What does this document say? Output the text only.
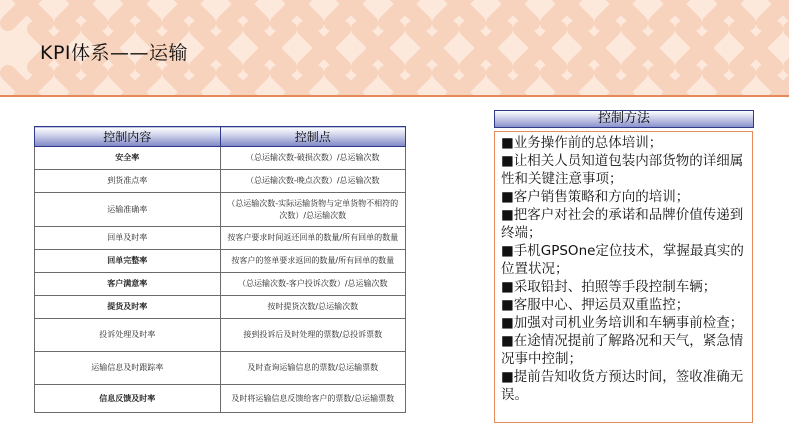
KPI体系——运输
控制内容	控制点
安全率	（总运输次数-破损次数）/总运输次数
到货准点率	（总运输次数-晚点次数）/总运输次数
运输准确率	（总运输次数-实际运输货物与定单货物不相符的次数）/总运输次数
回单及时率	按客户要求时间返还回单的数量/所有回单的数量
回单完整率	按客户的签单要求返回的数量/所有回单的数量
客户满意率	（总运输次数-客户投诉次数）/总运输次数
提货及时率	按时提货次数/总运输次数
投诉处理及时率	接到投诉后及时处理的票数/总投诉票数
运输信息及时跟踪率	及时查询运输信息的票数/总运输票数
信息反馈及时率	及时将运输信息反馈给客户的票数/总运输票数
控制方法

■业务操作前的总体培训；

■让相关人员知道包装内部货物的详细属性和关键注意事项；

■客户销售策略和方向的培训；

■把客户对社会的承诺和品牌价值传递到终端；

■手机GPSOne定位技术，掌握最真实的位置状况；

■采取铅封、拍照等手段控制车辆；

■客服中心、押运员双重监控；

■加强对司机业务培训和车辆事前检查；

■在途情况提前了解路况和天气，紧急情况事中控制；

■提前告知收货方预达时间，签收准确无误。
